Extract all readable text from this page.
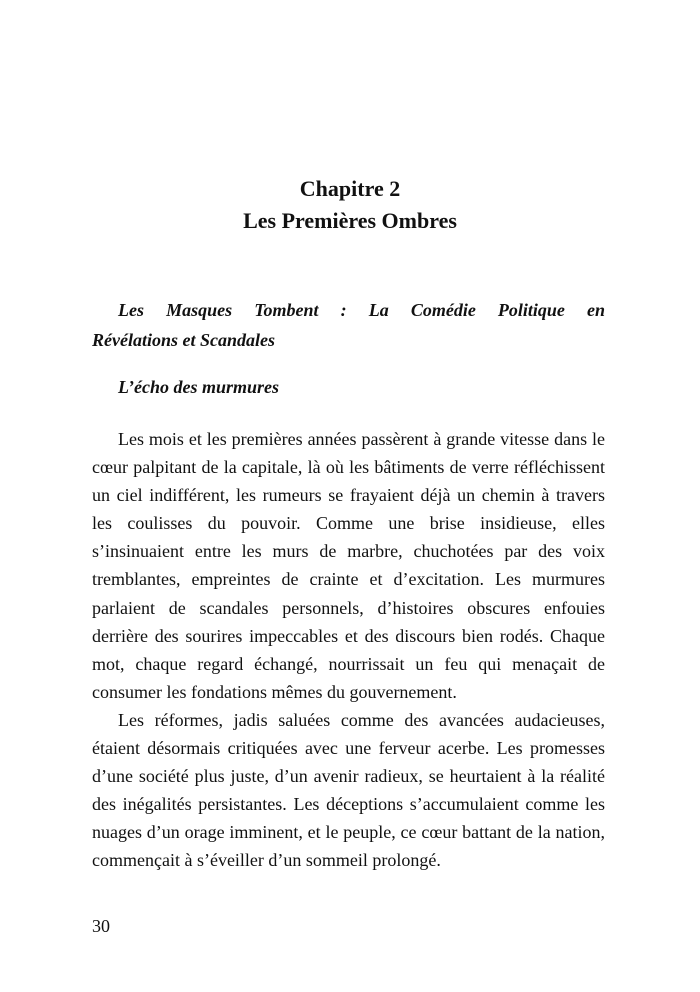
Chapitre 2
Les Premières Ombres
Les Masques Tombent : La Comédie Politique en
Révélations et Scandales
L’écho des murmures

Les mois et les premières années passèrent à grande vitesse dans le cœur palpitant de la capitale, là où les bâtiments de verre réfléchissent un ciel indifférent, les rumeurs se frayaient déjà un chemin à travers les coulisses du pouvoir. Comme une brise insidieuse, elles s’insinuaient entre les murs de marbre, chuchotées par des voix tremblantes, empreintes de crainte et d’excitation. Les murmures parlaient de scandales personnels, d’histoires obscures enfouies derrière des sourires impeccables et des discours bien rodés. Chaque mot, chaque regard échangé, nourrissait un feu qui menaçait de consumer les fondations mêmes du gouvernement.

Les réformes, jadis saluées comme des avancées audacieuses, étaient désormais critiquées avec une ferveur acerbe. Les promesses d’une société plus juste, d’un avenir radieux, se heurtaient à la réalité des inégalités persistantes. Les déceptions s’accumulaient comme les nuages d’un orage imminent, et le peuple, ce cœur battant de la nation, commençait à s’éveiller d’un sommeil prolongé.

30
